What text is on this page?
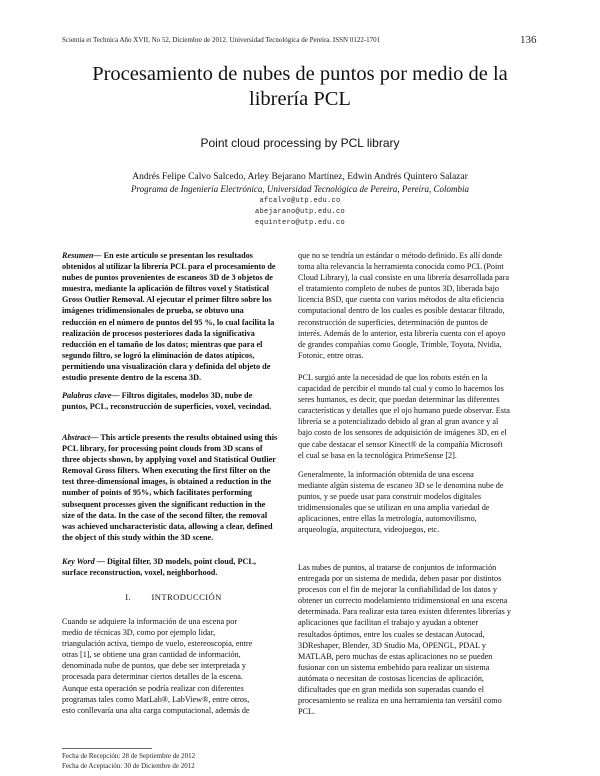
Scientia et Technica Año XVII, No 52, Diciembre de 2012. Universidad Tecnológica de Pereira. ISSN 0122-1701	136
Procesamiento de nubes de puntos por medio de la
librería PCL
Point cloud processing by PCL library
Andrés Felipe Calvo Salcedo, Arley Bejarano Martínez, Edwin Andrés Quintero Salazar
Programa de Ingeniería Electrónica, Universidad Tecnológica de Pereira, Pereira, Colombia
afcalvo@utp.edu.co
abejarano@utp.edu.co
equintero@utp.edu.co

Resumen— En este artículo se presentan los resultados

obtenidos al utilizar la librería PCL para el procesamiento de

nubes de puntos provenientes de escaneos 3D de 3 objetos de

muestra, mediante la aplicación de filtros voxel y Statistical

Gross Outlier Removal. Al ejecutar el primer filtro sobre los

imágenes tridimensionales de prueba, se obtuvo una

reducción en el número de puntos del 95 %, lo cual facilita la

realización de procesos posteriores dada la significativa

reducción en el tamaño de los datos; mientras que para el

segundo filtro, se logró la eliminación de datos atípicos,

permitiendo una visualización clara y definida del objeto de

estudio presente dentro de la escena 3D.

Palabras clave— Filtros digitales, modelos 3D, nube de

puntos, PCL, reconstrucción de superficies, voxel, vecindad.

Abstract— This article presents the results obtained using this

PCL library, for processing point clouds from 3D scans of

three objects shown, by applying voxel and Statistical Outlier

Removal Gross filters. When executing the first filter on the

test three-dimensional images, is obtained a reduction in the

number of points of 95%, which facilitates performing

subsequent processes given the significant reduction in the

size of the data. In the case of the second filter, the removal

was achieved uncharacteristic data, allowing a clear, defined

the object of this study within the 3D scene.

Key Word — Digital filter, 3D models, point cloud, PCL,

surface reconstruction, voxel, neighborhood.

I.        INTRODUCCIÓN

Cuando se adquiere la información de una escena por

medio de técnicas 3D, como por ejemplo lidar,

triangulación activa, tiempo de vuelo, estereoscopia, entre

otras [1], se obtiene una gran cantidad de información,

denominada nube de puntos, que debe ser interpretada y

procesada para determinar ciertos detalles de la escena.

Aunque esta operación se podría realizar con diferentes

programas tales como MatLab®, LabView®, entre otros,

esto conllevaría una alta carga computacional, además de

Fecha de Recepción: 28 de Septiembre de 2012
Fecha de Aceptación: 30 de Diciembre de 2012

que no se tendría un estándar o método definido. Es allí donde

toma alta relevancia la herramienta conocida como PCL (Point

Cloud Library), la cual consiste en una librería desarrollada para

el tratamiento completo de nubes de puntos 3D, liberada bajo

licencia BSD, que cuenta con varios métodos de alta eficiencia

computacional dentro de los cuales es posible destacar filtrado,

reconstrucción de superficies, determinación de puntos de

interés. Además de lo anterior, esta librería cuenta con el apoyo

de grandes compañías como Google, Trimble, Toyota, Nvidia,

Fotonic, entre otras.

PCL surgió ante la necesidad de que los robots estén en la

capacidad de percibir el mundo tal cual y como lo hacemos los

seres humanos, es decir, que puedan determinar las diferentes

características y detalles que el ojo humano puede observar. Esta

librería se a potencializado debido al gran al gran avance y al

bajo costo de los sensores de adquisición de imágenes 3D, en el

que cabe destacar el sensor Kinect® de la compañía Microsoft

el cual se basa en la tecnológica PrimeSense [2].

Generalmente, la información obtenida de una escena

mediante algún sistema de escaneo 3D se le denomina nube de

puntos, y se puede usar para construir modelos digitales

tridimensionales que se utilizan en una amplia variedad de

aplicaciones, entre ellas la metrología, automovilismo,

arqueología, arquitectura, videojuegos, etc.

Las nubes de puntos, al tratarse de conjuntos de información

entregada por un sistema de medida, deben pasar por distintos

procesos con el fin de mejorar la confiabilidad de los datos y

obtener un correcto modelamiento tridimensional en una escena

determinada. Para realizar esta tarea existen diferentes librerías y

aplicaciones que facilitan el trabajo y ayudan a obtener

resultados óptimos, entre los cuales se destacan Autocad,

3DReshaper, Blender, 3D Studio Ma, OPENGL, PDAL y

MATLAB, pero muchas de estas aplicaciones no se pueden

fusionar con un sistema embebido para realizar un sistema

autómata o necesitan de costosas licencias de aplicación,

dificultades que en gran medida son superadas cuando el

procesamiento se realiza en una herramienta tan versátil como

PCL.
